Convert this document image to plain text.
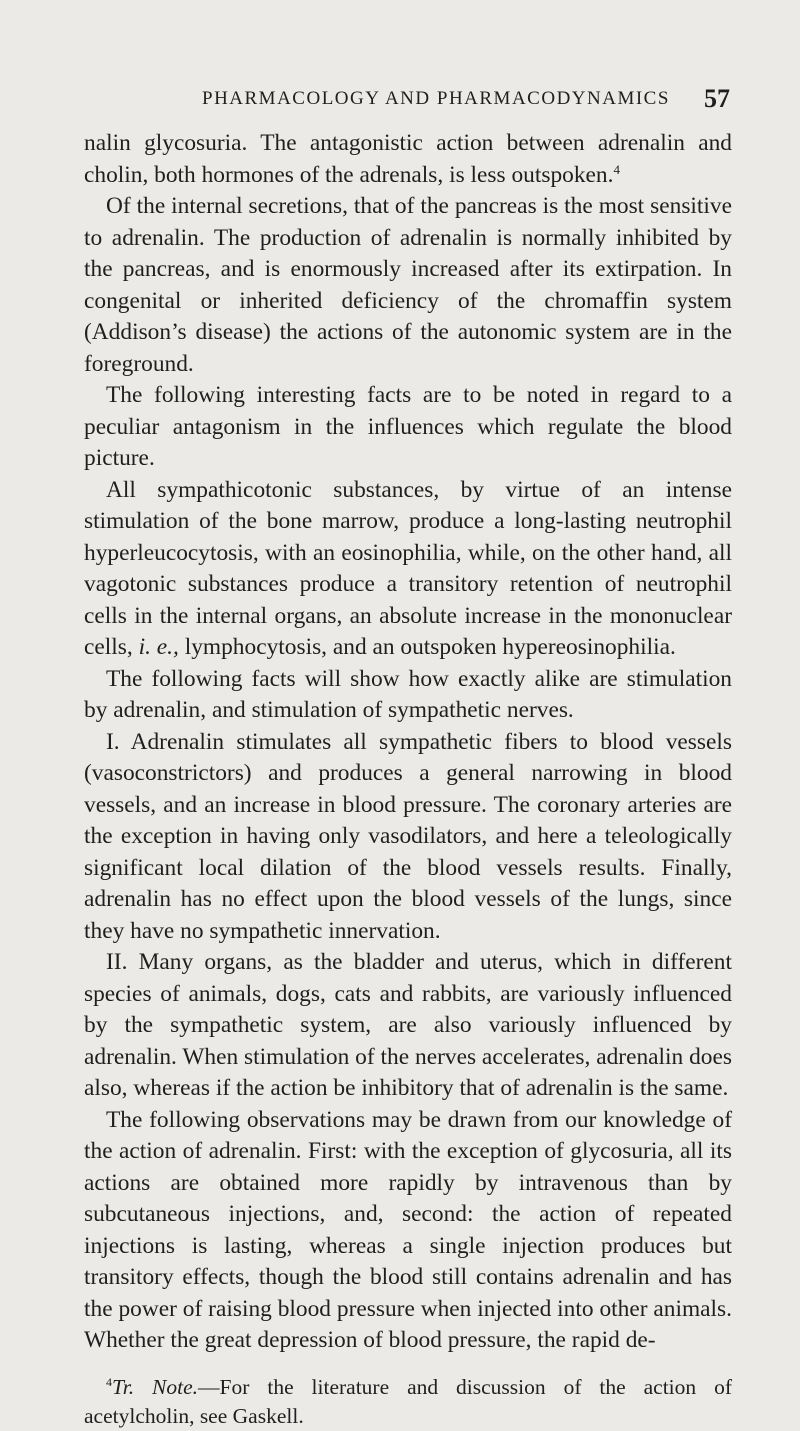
PHARMACOLOGY AND PHARMACODYNAMICS 57

nalin glycosuria. The antagonistic action between adrenalin and cholin, both hormones of the adrenals, is less outspoken.$^4$

Of the internal secretions, that of the pancreas is the most sensitive to adrenalin. The production of adrenalin is normally inhibited by the pancreas, and is enormously increased after its extirpation. In congenital or inherited deficiency of the chromaffin system (Addison’s disease) the actions of the autonomic system are in the foreground.

The following interesting facts are to be noted in regard to a peculiar antagonism in the influences which regulate the blood picture.

All sympathicotonic substances, by virtue of an intense stimulation of the bone marrow, produce a long-lasting neutrophil hyperleucocytosis, with an eosinophilia, while, on the other hand, all vagotonic substances produce a transitory retention of neutrophil cells in the internal organs, an absolute increase in the mononuclear cells, i. e., lymphocytosis, and an outspoken hypereosinophilia.

The following facts will show how exactly alike are stimulation by adrenalin, and stimulation of sympathetic nerves.

I. Adrenalin stimulates all sympathetic fibers to blood vessels (vasoconstrictors) and produces a general narrowing in blood vessels, and an increase in blood pressure. The coronary arteries are the exception in having only vasodilators, and here a teleologically significant local dilation of the blood vessels results. Finally, adrenalin has no effect upon the blood vessels of the lungs, since they have no sympathetic innervation.

II. Many organs, as the bladder and uterus, which in different species of animals, dogs, cats and rabbits, are variously influenced by the sympathetic system, are also variously influenced by adrenalin. When stimulation of the nerves accelerates, adrenalin does also, whereas if the action be inhibitory that of adrenalin is the same.

The following observations may be drawn from our knowledge of the action of adrenalin. First: with the exception of glycosuria, all its actions are obtained more rapidly by intravenous than by subcutaneous injections, and, second: the action of repeated injections is lasting, whereas a single injection produces but transitory effects, though the blood still contains adrenalin and has the power of raising blood pressure when injected into other animals. Whether the great depression of blood pressure, the rapid de-

$^4$Tr. Note.—For the literature and discussion of the action of acetylcholin, see Gaskell.
